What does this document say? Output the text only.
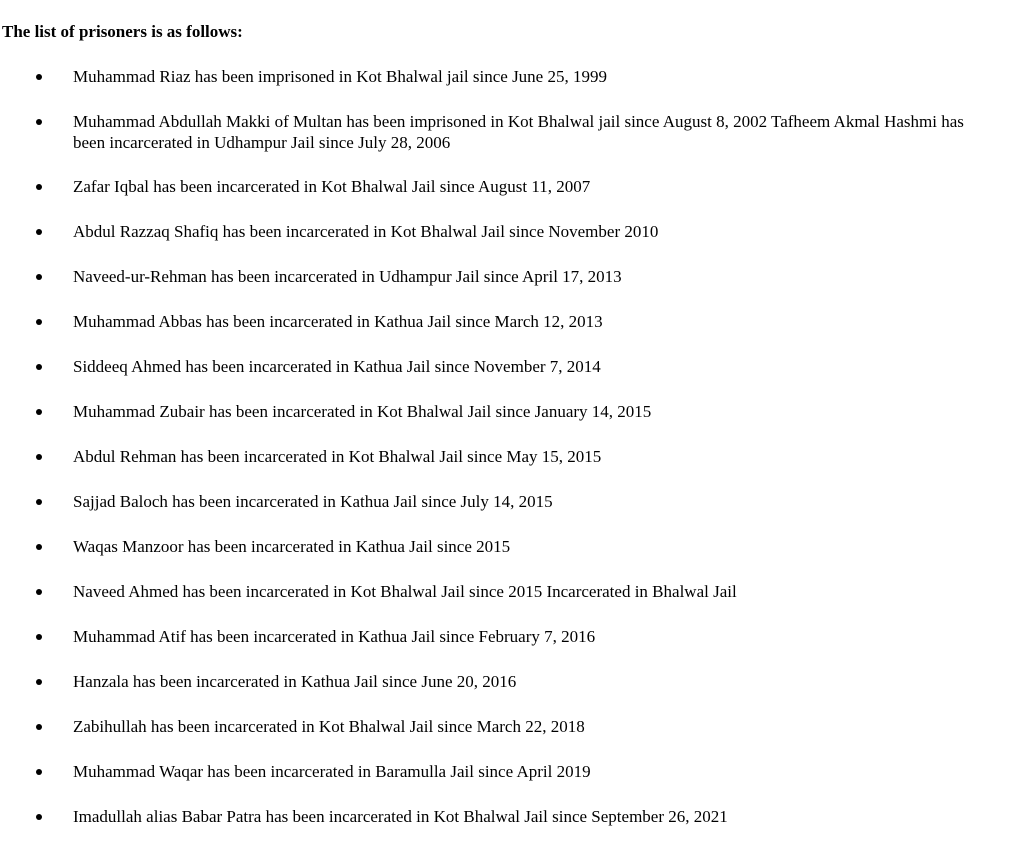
The list of prisoners is as follows:

Muhammad Riaz has been imprisoned in Kot Bhalwal jail since June 25, 1999
Muhammad Abdullah Makki of Multan has been imprisoned in Kot Bhalwal jail since August 8, 2002 Tafheem Akmal Hashmi has been incarcerated in Udhampur Jail since July 28, 2006
Zafar Iqbal has been incarcerated in Kot Bhalwal Jail since August 11, 2007
Abdul Razzaq Shafiq has been incarcerated in Kot Bhalwal Jail since November 2010
Naveed-ur-Rehman has been incarcerated in Udhampur Jail since April 17, 2013
Muhammad Abbas has been incarcerated in Kathua Jail since March 12, 2013
Siddeeq Ahmed has been incarcerated in Kathua Jail since November 7, 2014
Muhammad Zubair has been incarcerated in Kot Bhalwal Jail since January 14, 2015
Abdul Rehman has been incarcerated in Kot Bhalwal Jail since May 15, 2015
Sajjad Baloch has been incarcerated in Kathua Jail since July 14, 2015
Waqas Manzoor has been incarcerated in Kathua Jail since 2015
Naveed Ahmed has been incarcerated in Kot Bhalwal Jail since 2015 Incarcerated in Bhalwal Jail
Muhammad Atif has been incarcerated in Kathua Jail since February 7, 2016
Hanzala has been incarcerated in Kathua Jail since June 20, 2016
Zabihullah has been incarcerated in Kot Bhalwal Jail since March 22, 2018
Muhammad Waqar has been incarcerated in Baramulla Jail since April 2019
Imadullah alias Babar Patra has been incarcerated in Kot Bhalwal Jail since September 26, 2021
